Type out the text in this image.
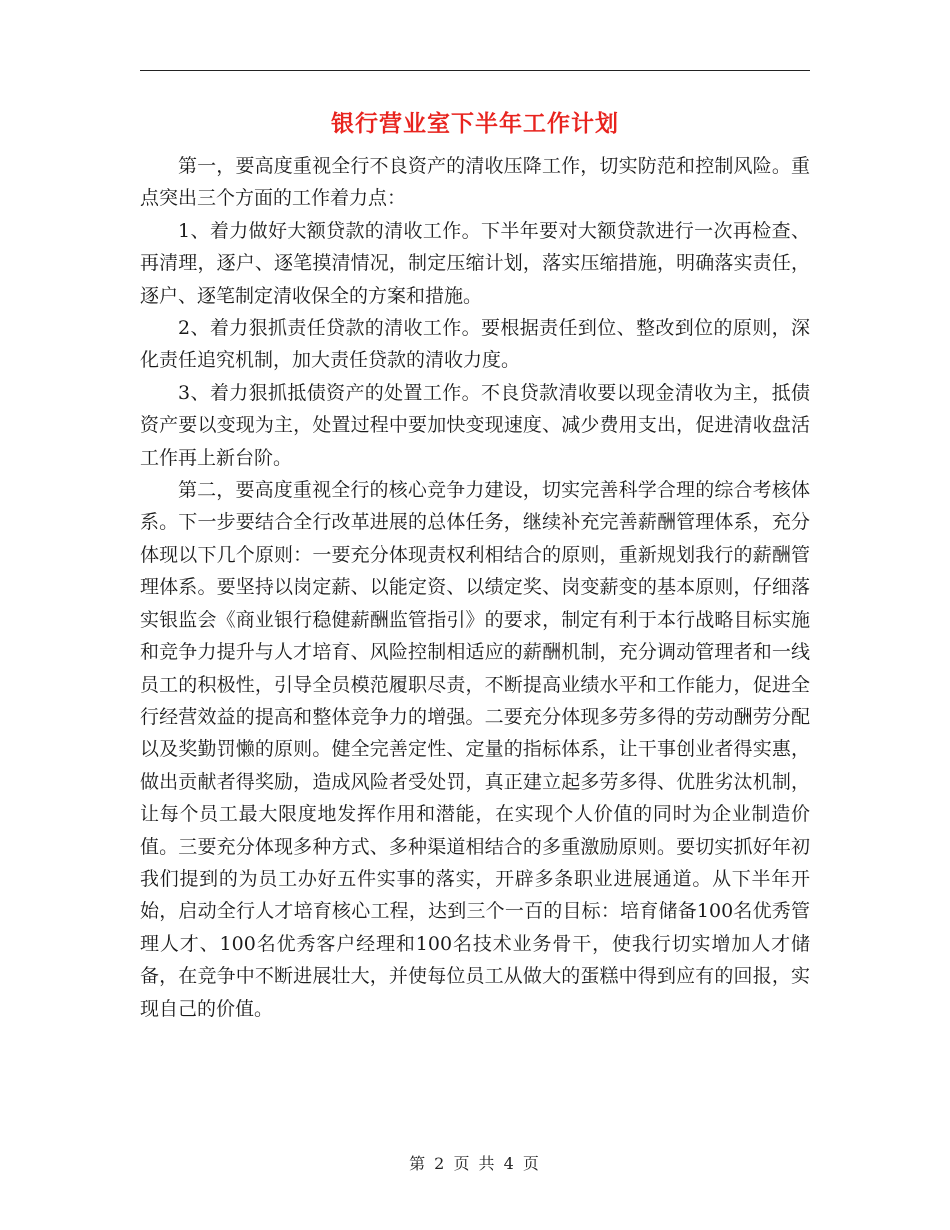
银行营业室下半年工作计划

第一，要高度重视全行不良资产的清收压降工作，切实防范和控制风险。重点突出三个方面的工作着力点：

1、着力做好大额贷款的清收工作。下半年要对大额贷款进行一次再检查、再清理，逐户、逐笔摸清情况，制定压缩计划，落实压缩措施，明确落实责任，逐户、逐笔制定清收保全的方案和措施。

2、着力狠抓责任贷款的清收工作。要根据责任到位、整改到位的原则，深化责任追究机制，加大责任贷款的清收力度。

3、着力狠抓抵债资产的处置工作。不良贷款清收要以现金清收为主，抵债资产要以变现为主，处置过程中要加快变现速度、减少费用支出，促进清收盘活工作再上新台阶。

第二，要高度重视全行的核心竞争力建设，切实完善科学合理的综合考核体系。下一步要结合全行改革进展的总体任务，继续补充完善薪酬管理体系，充分体现以下几个原则：一要充分体现责权利相结合的原则，重新规划我行的薪酬管理体系。要坚持以岗定薪、以能定资、以绩定奖、岗变薪变的基本原则，仔细落实银监会《商业银行稳健薪酬监管指引》的要求，制定有利于本行战略目标实施和竞争力提升与人才培育、风险控制相适应的薪酬机制，充分调动管理者和一线员工的积极性，引导全员模范履职尽责，不断提高业绩水平和工作能力，促进全行经营效益的提高和整体竞争力的增强。二要充分体现多劳多得的劳动酬劳分配以及奖勤罚懒的原则。健全完善定性、定量的指标体系，让干事创业者得实惠，做出贡献者得奖励，造成风险者受处罚，真正建立起多劳多得、优胜劣汰机制，让每个员工最大限度地发挥作用和潜能，在实现个人价值的同时为企业制造价值。三要充分体现多种方式、多种渠道相结合的多重激励原则。要切实抓好年初我们提到的为员工办好五件实事的落实，开辟多条职业进展通道。从下半年开始，启动全行人才培育核心工程，达到三个一百的目标：培育储备100名优秀管理人才、100名优秀客户经理和100名技术业务骨干，使我行切实增加人才储备，在竞争中不断进展壮大，并使每位员工从做大的蛋糕中得到应有的回报，实现自己的价值。

第 2 页 共 4 页
